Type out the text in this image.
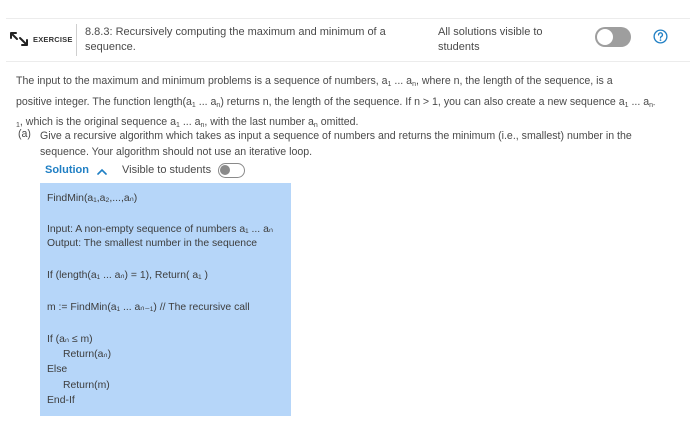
EXERCISE
8.8.3: Recursively computing the maximum and minimum of a
sequence.
All solutions visible to
students
The input to the maximum and minimum problems is a sequence of numbers, $a_1$ ... $a_n$, where n, the length of the sequence, is a
positive integer. The function $length(a_1$ ... $a_n$) returns n, the length of the sequence. If n > 1, you can also create a new sequence $a_1$ ... $a_{n-}$
$_1$, which is the original sequence $a_1$ ... $a_n$, with the last number $a_n$ omitted.
(a) Give a recursive algorithm which takes as input a sequence of numbers and returns the minimum (i.e., smallest) number in the sequence. Your algorithm should not use an iterative loop.
Solution	Visible to students
FindMin(a₁,a₂,...,aₙ)
Input: A non-empty sequence of numbers a₁ ... aₙ
Output: The smallest number in the sequence
If (length(a₁ ... aₙ) = 1), Return( a₁ )
m := FindMin(a₁ ... aₙ₋₁) // The recursive call
If (aₙ ≤ m)
Return(aₙ)
Else
Return(m)
End-If
